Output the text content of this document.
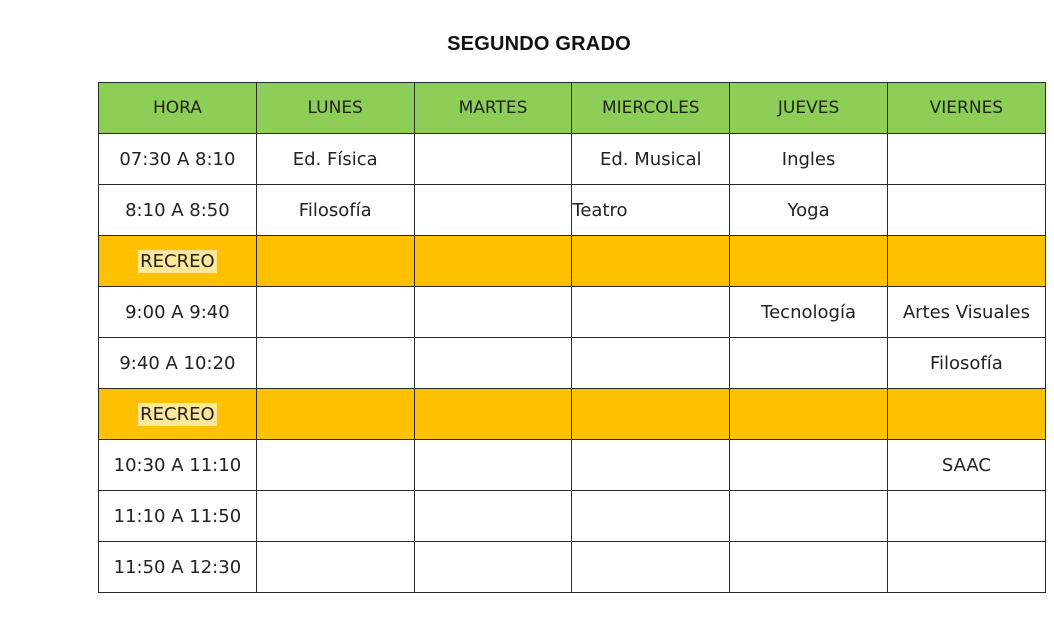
SEGUNDO GRADO
HORA	LUNES	MARTES	MIERCOLES	JUEVES	VIERNES
07:30 A 8:10	Ed. Física		Ed. Musical	Ingles	
8:10 A 8:50	Filosofía		Teatro	Yoga	
RECREO					
9:00 A 9:40				Tecnología	Artes Visuales
9:40 A 10:20					Filosofía
RECREO					
10:30 A 11:10					SAAC
11:10 A 11:50					
11:50 A 12:30					
